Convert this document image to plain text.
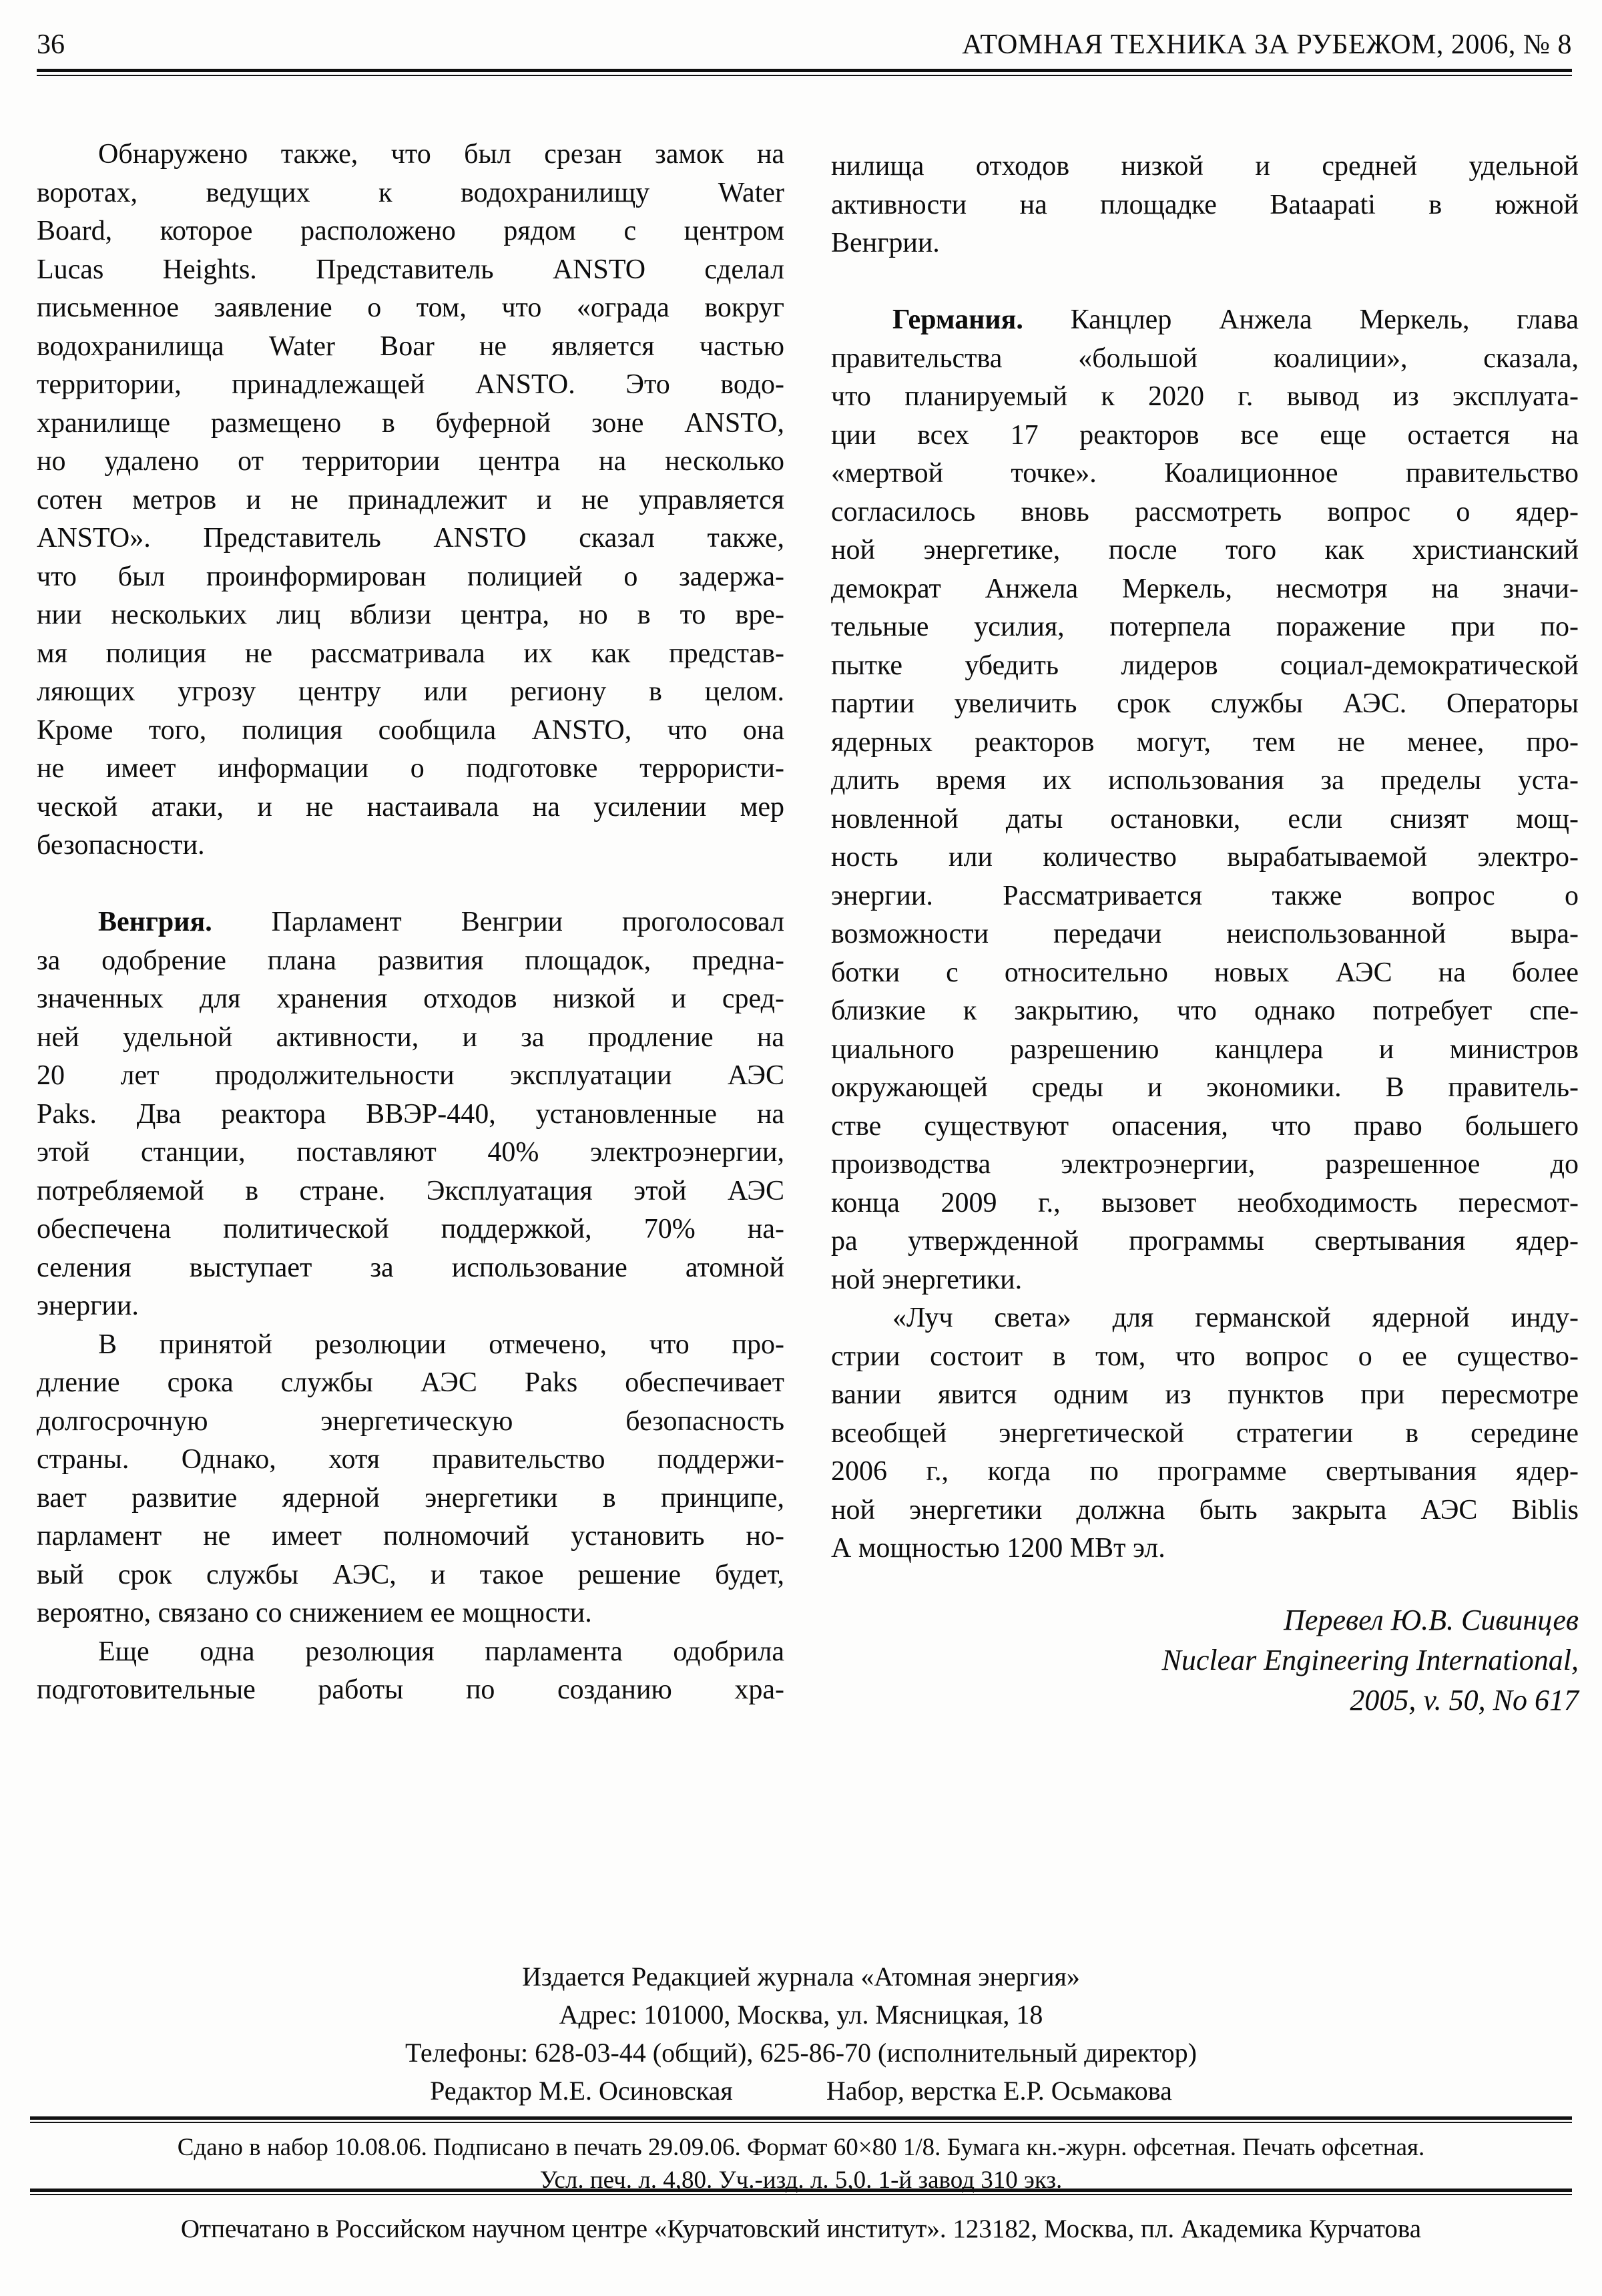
36	АТОМНАЯ ТЕХНИКА ЗА РУБЕЖОМ, 2006, № 8
Обнаружено также, что был срезан замок на
воротах, ведущих к водохранилищу Water
Board, которое расположено рядом с центром
Lucas Heights. Представитель ANSTO сделал
письменное заявление о том, что «ограда вокруг
водохранилища Water Boar не является частью
территории, принадлежащей ANSTO. Это водо-
хранилище размещено в буферной зоне ANSTO,
но удалено от территории центра на несколько
сотен метров и не принадлежит и не управляется
ANSTO». Представитель ANSTO сказал также,
что был проинформирован полицией о задержа-
нии нескольких лиц вблизи центра, но в то вре-
мя полиция не рассматривала их как представ-
ляющих угрозу центру или региону в целом.
Кроме того, полиция сообщила ANSTO, что она
не имеет информации о подготовке террористи-
ческой атаки, и не настаивала на усилении мер
безопасности.
Венгрия. Парламент Венгрии проголосовал
за одобрение плана развития площадок, предна-
значенных для хранения отходов низкой и сред-
ней удельной активности, и за продление на
20 лет продолжительности эксплуатации АЭС
Paks. Два реактора ВВЭР-440, установленные на
этой станции, поставляют 40% электроэнергии,
потребляемой в стране. Эксплуатация этой АЭС
обеспечена политической поддержкой, 70% на-
селения выступает за использование атомной
энергии.
В принятой резолюции отмечено, что про-
дление срока службы АЭС Paks обеспечивает
долгосрочную энергетическую безопасность
страны. Однако, хотя правительство поддержи-
вает развитие ядерной энергетики в принципе,
парламент не имеет полномочий установить но-
вый срок службы АЭС, и такое решение будет,
вероятно, связано со снижением ее мощности.
Еще одна резолюция парламента одобрила
подготовительные работы по созданию хра-
нилища отходов низкой и средней удельной
активности на площадке Bataapati в южной
Венгрии.
Германия. Канцлер Анжела Меркель, глава
правительства «большой коалиции», сказала,
что планируемый к 2020 г. вывод из эксплуата-
ции всех 17 реакторов все еще остается на
«мертвой точке». Коалиционное правительство
согласилось вновь рассмотреть вопрос о ядер-
ной энергетике, после того как христианский
демократ Анжела Меркель, несмотря на значи-
тельные усилия, потерпела поражение при по-
пытке убедить лидеров социал-демократической
партии увеличить срок службы АЭС. Операторы
ядерных реакторов могут, тем не менее, про-
длить время их использования за пределы уста-
новленной даты остановки, если снизят мощ-
ность или количество вырабатываемой электро-
энергии. Рассматривается также вопрос о
возможности передачи неиспользованной выра-
ботки с относительно новых АЭС на более
близкие к закрытию, что однако потребует спе-
циального разрешению канцлера и министров
окружающей среды и экономики. В правитель-
стве существуют опасения, что право большего
производства электроэнергии, разрешенное до
конца 2009 г., вызовет необходимость пересмот-
ра утвержденной программы свертывания ядер-
ной энергетики.
«Луч света» для германской ядерной инду-
стрии состоит в том, что вопрос о ее существо-
вании явится одним из пунктов при пересмотре
всеобщей энергетической стратегии в середине
2006 г., когда по программе свертывания ядер-
ной энергетики должна быть закрыта АЭС Biblis
А мощностью 1200 МВт эл.
Перевел Ю.В. Сивинцев
Nuclear Engineering International,
2005, v. 50, No 617
Издается Редакцией журнала «Атомная энергия»
Адрес: 101000, Москва, ул. Мясницкая, 18
Телефоны: 628-03-44 (общий), 625-86-70 (исполнительный директор)
Редактор М.Е. Осиновская	Набор, верстка Е.Р. Осьмакова
Сдано в набор 10.08.06. Подписано в печать 29.09.06. Формат 60×80 1/8. Бумага кн.-журн. офсетная. Печать офсетная.
Усл. печ. л. 4,80. Уч.-изд. л. 5,0. 1-й завод 310 экз.
Отпечатано в Российском научном центре «Курчатовский институт». 123182, Москва, пл. Академика Курчатова
